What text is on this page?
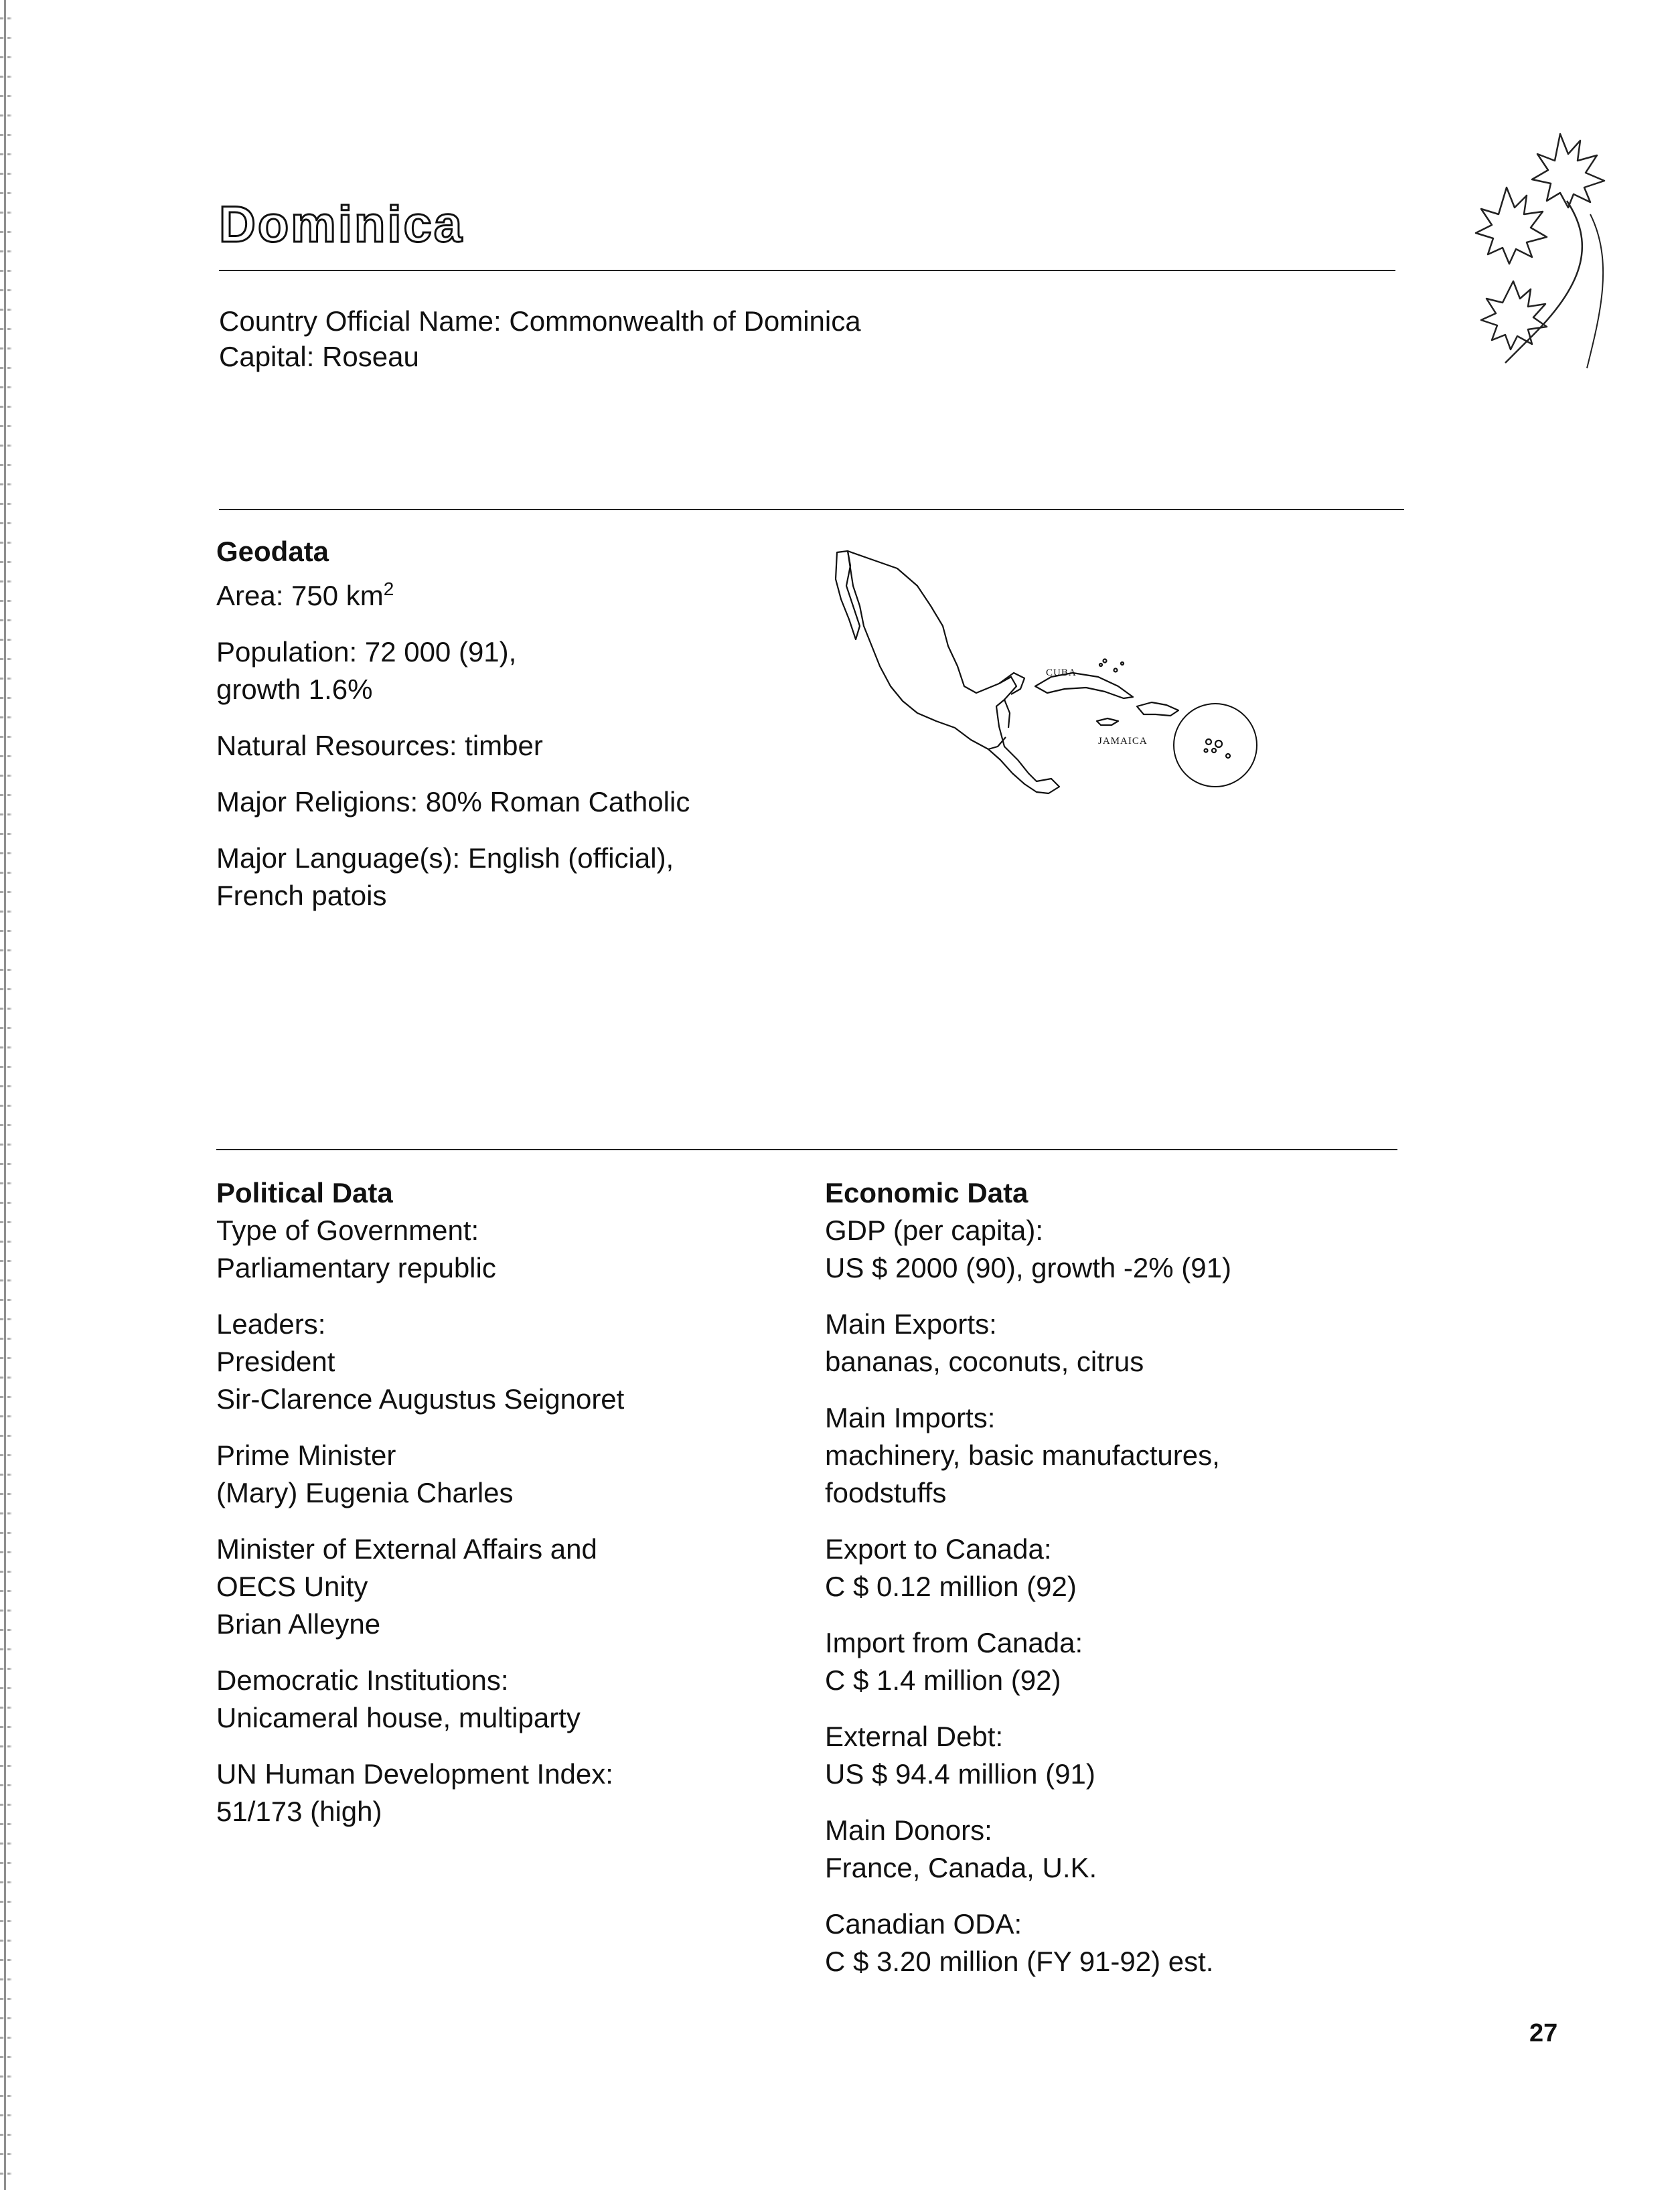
Dominica
Country Official Name: Commonwealth of Dominica
Capital: Roseau
Geodata
Area: 750 $km^2$
Population: 72 000 (91),
growth 1.6%
Natural Resources: timber
Major Religions: 80% Roman Catholic
Major Language(s): English (official),
French patois
CUBA
JAMAICA
Political Data
Type of Government:
Parliamentary republic
Leaders:
President
Sir-Clarence Augustus Seignoret
Prime Minister
(Mary) Eugenia Charles
Minister of External Affairs and
OECS Unity
Brian Alleyne
Democratic Institutions:
Unicameral house, multiparty
UN Human Development Index:
51/173 (high)
Economic Data
GDP (per capita):
US $ 2000 (90), growth -2% (91)
Main Exports:
bananas, coconuts, citrus
Main Imports:
machinery, basic manufactures,
foodstuffs
Export to Canada:
C $ 0.12 million (92)
Import from Canada:
C $ 1.4 million (92)
External Debt:
US $ 94.4 million (91)
Main Donors:
France, Canada, U.K.
Canadian ODA:
C $ 3.20 million (FY 91-92) est.
27
